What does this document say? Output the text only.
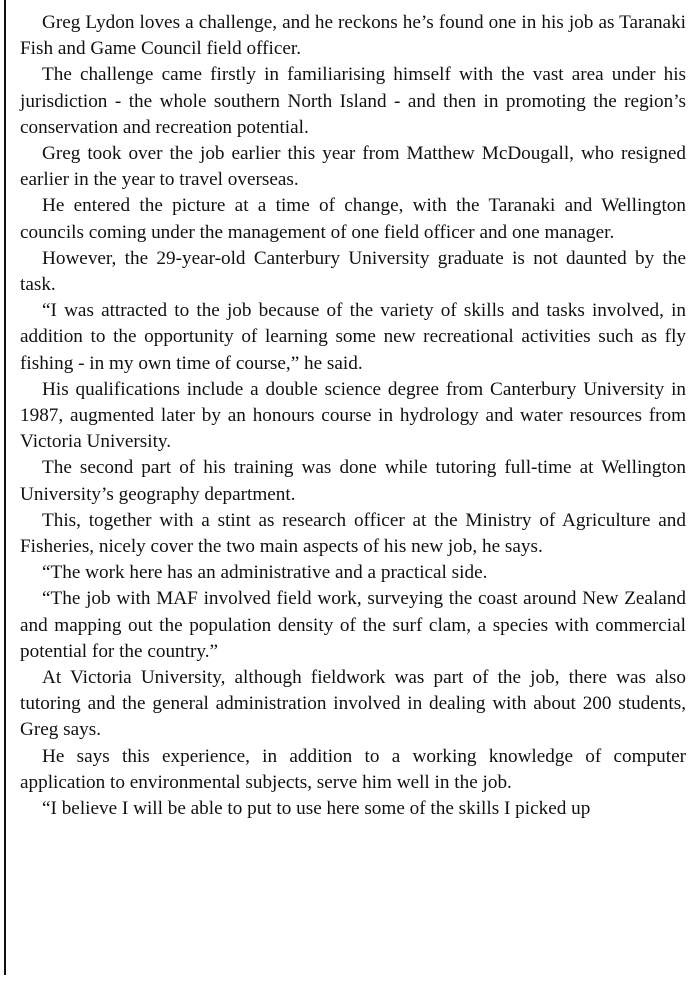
Greg Lydon loves a challenge, and he reckons he’s found one in his job as Taranaki Fish and Game Council field officer.

The challenge came firstly in familiarising himself with the vast area under his jurisdiction - the whole southern North Island - and then in promoting the region’s conservation and recreation potential.

Greg took over the job earlier this year from Matthew McDougall, who resigned earlier in the year to travel overseas.

He entered the picture at a time of change, with the Taranaki and Wellington councils coming under the management of one field officer and one manager.

However, the 29-year-old Canterbury University graduate is not daunted by the task.

“I was attracted to the job because of the variety of skills and tasks involved, in addition to the opportunity of learning some new recreational activities such as fly fishing - in my own time of course,” he said.

His qualifications include a double science degree from Canterbury University in 1987, augmented later by an honours course in hydrology and water resources from Victoria University.

The second part of his training was done while tutoring full-time at Wellington University’s geography department.

This, together with a stint as research officer at the Ministry of Agriculture and Fisheries, nicely cover the two main aspects of his new job, he says.

“The work here has an administrative and a practical side.

“The job with MAF involved field work, surveying the coast around New Zealand and mapping out the population density of the surf clam, a species with commercial potential for the country.”

At Victoria University, although fieldwork was part of the job, there was also tutoring and the general administration involved in dealing with about 200 students, Greg says.

He says this experience, in addition to a working knowledge of computer application to environmental subjects, serve him well in the job.

“I believe I will be able to put to use here some of the skills I picked up
